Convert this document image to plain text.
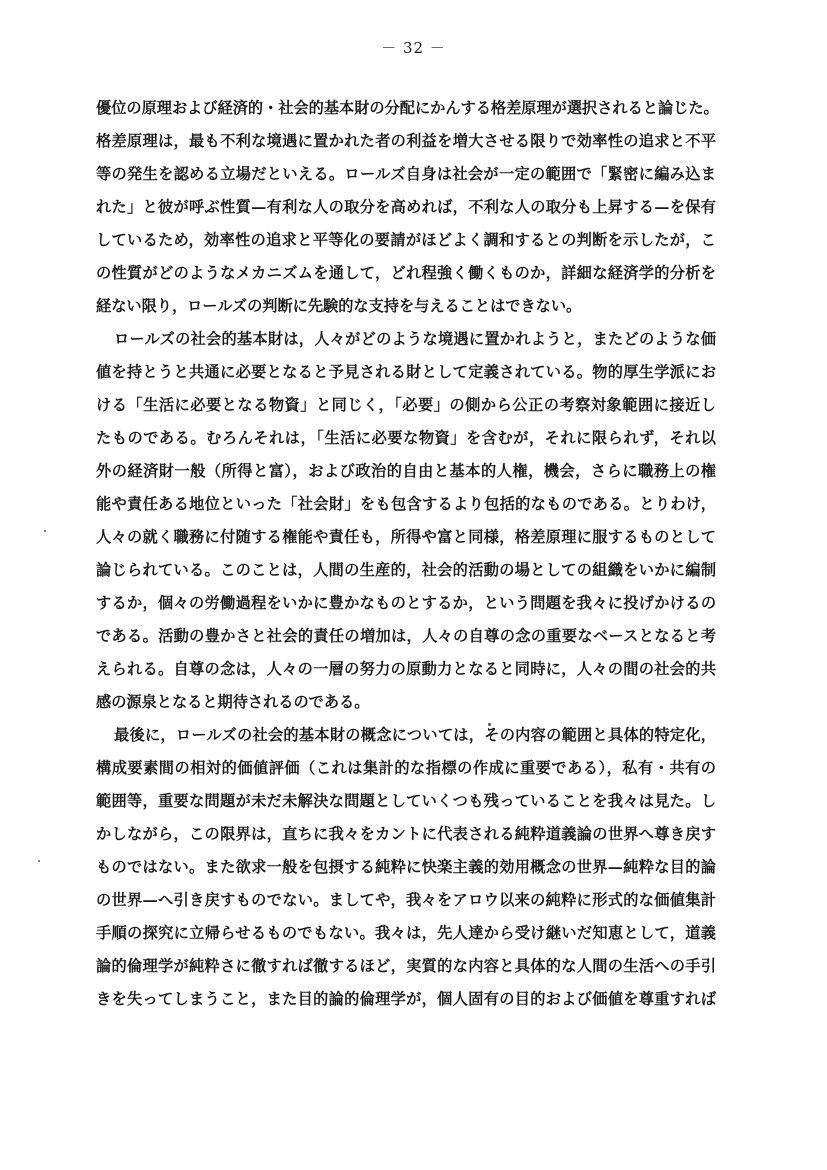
－ 32 －
優位の原理および経済的・社会的基本財の分配にかんする格差原理が選択されると論じた。
格差原理は，最も不利な境遇に置かれた者の利益を増大させる限りで効率性の追求と不平
等の発生を認める立場だといえる。ロールズ自身は社会が一定の範囲で「緊密に編み込ま
れた」と彼が呼ぶ性質—有利な人の取分を高めれば，不利な人の取分も上昇する—を保有
しているため，効率性の追求と平等化の要請がほどよく調和するとの判断を示したが，こ
の性質がどのようなメカニズムを通して，どれ程強く働くものか，詳細な経済学的分析を
経ない限り，ロールズの判断に先験的な支持を与えることはできない。
ロールズの社会的基本財は，人々がどのような境遇に置かれようと，またどのような価
値を持とうと共通に必要となると予見される財として定義されている。物的厚生学派にお
ける「生活に必要となる物資」と同じく，「必要」の側から公正の考察対象範囲に接近し
たものである。むろんそれは，「生活に必要な物資」を含むが，それに限られず，それ以
外の経済財一般（所得と富），および政治的自由と基本的人権，機会，さらに職務上の権
能や責任ある地位といった「社会財」をも包含するより包括的なものである。とりわけ，
人々の就く職務に付随する権能や責任も，所得や富と同様，格差原理に服するものとして
論じられている。このことは，人間の生産的，社会的活動の場としての組織をいかに編制
するか，個々の労働過程をいかに豊かなものとするか，という問題を我々に投げかけるの
である。活動の豊かさと社会的責任の増加は，人々の自尊の念の重要なベースとなると考
えられる。自尊の念は，人々の一層の努力の原動力となると同時に，人々の間の社会的共
感の源泉となると期待されるのである。
最後に，ロールズの社会的基本財の概念については，その内容の範囲と具体的特定化，
構成要素間の相対的価値評価（これは集計的な指標の作成に重要である），私有・共有の
範囲等，重要な問題が未だ未解決な問題としていくつも残っていることを我々は見た。し
かしながら，この限界は，直ちに我々をカントに代表される純粋道義論の世界へ尊き戻す
ものではない。また欲求一般を包摂する純粋に快楽主義的効用概念の世界—純粋な目的論
の世界—へ引き戻すものでない。ましてや，我々をアロウ以来の純粋に形式的な価値集計
手順の探究に立帰らせるものでもない。我々は，先人達から受け継いだ知恵として，道義
論的倫理学が純粋さに徹すれば徹するほど，実質的な内容と具体的な人間の生活への手引
きを失ってしまうこと，また目的論的倫理学が，個人固有の目的および価値を尊重すれば
